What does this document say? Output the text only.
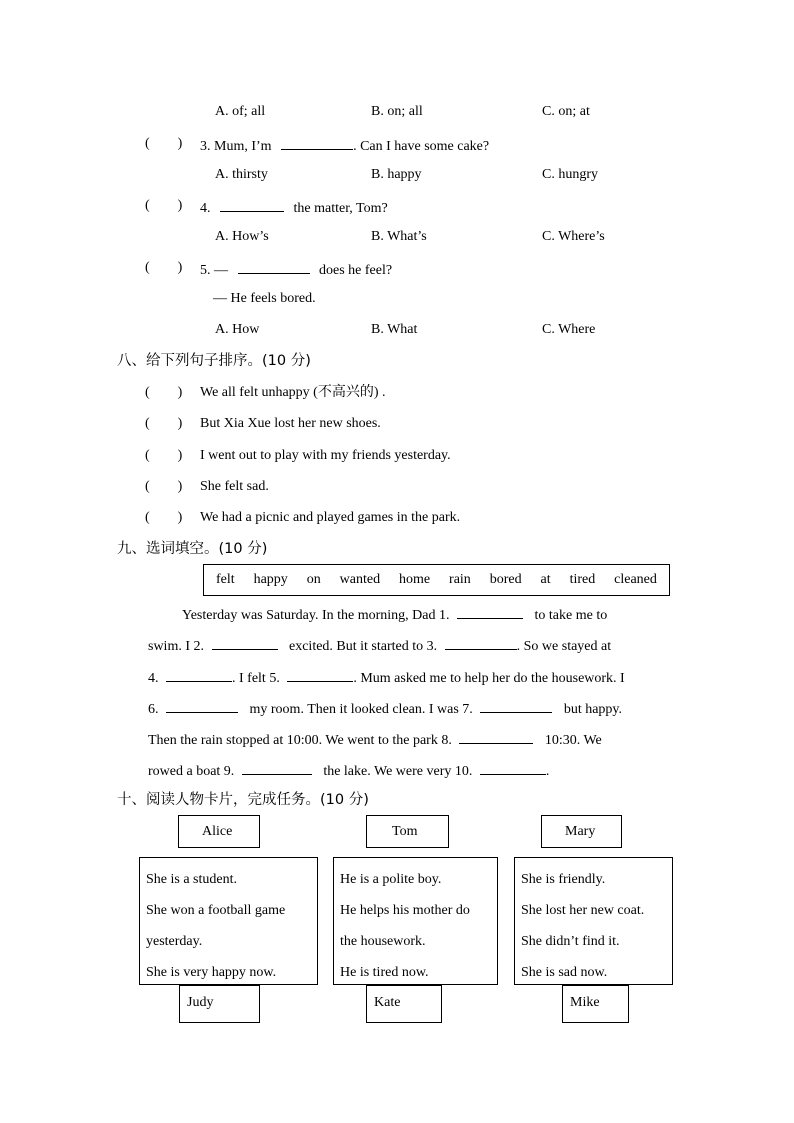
A. of; all	B. on; all	C. on; at
(        ) 3. Mum, I’m	. Can I have some cake?
A. thirsty	B. happy	C. hungry
(        ) 4.	the matter, Tom?
A. How’s	B. What’s	C. Where’s
(        ) 5. —	does he feel?
— He feels bored.
A. How	B. What	C. Where
八、给下列句子排序。(10 分)
(        ) We all felt unhappy (不高兴的) .
(        ) But Xia Xue lost her new shoes.
(        ) I went out to play with my friends yesterday.
(        ) She felt sad.
(        ) We had a picnic and played games in the park.
九、选词填空。(10 分)
felt happy on wanted home rain bored at tired cleaned
Yesterday was Saturday. In the morning, Dad 1.	to take me to
swim. I 2.	excited. But it started to 3.	. So we stayed at
4.	. I felt 5.	. Mum asked me to help her do the housework. I
6.	my room. Then it looked clean. I was 7.	but happy.
Then the rain stopped at 10:00. We went to the park 8.	10:30. We
rowed a boat 9.	the lake. We were very 10.	.
十、阅读人物卡片，完成任务。(10 分)
Alice	Tom	Mary
She is a student.
She won a football game
yesterday.
She is very happy now.
He is a polite boy.
He helps his mother do
the housework.
He is tired now.
She is friendly.
She lost her new coat.
She didn’t find it.
She is sad now.
Judy	Kate	Mike
